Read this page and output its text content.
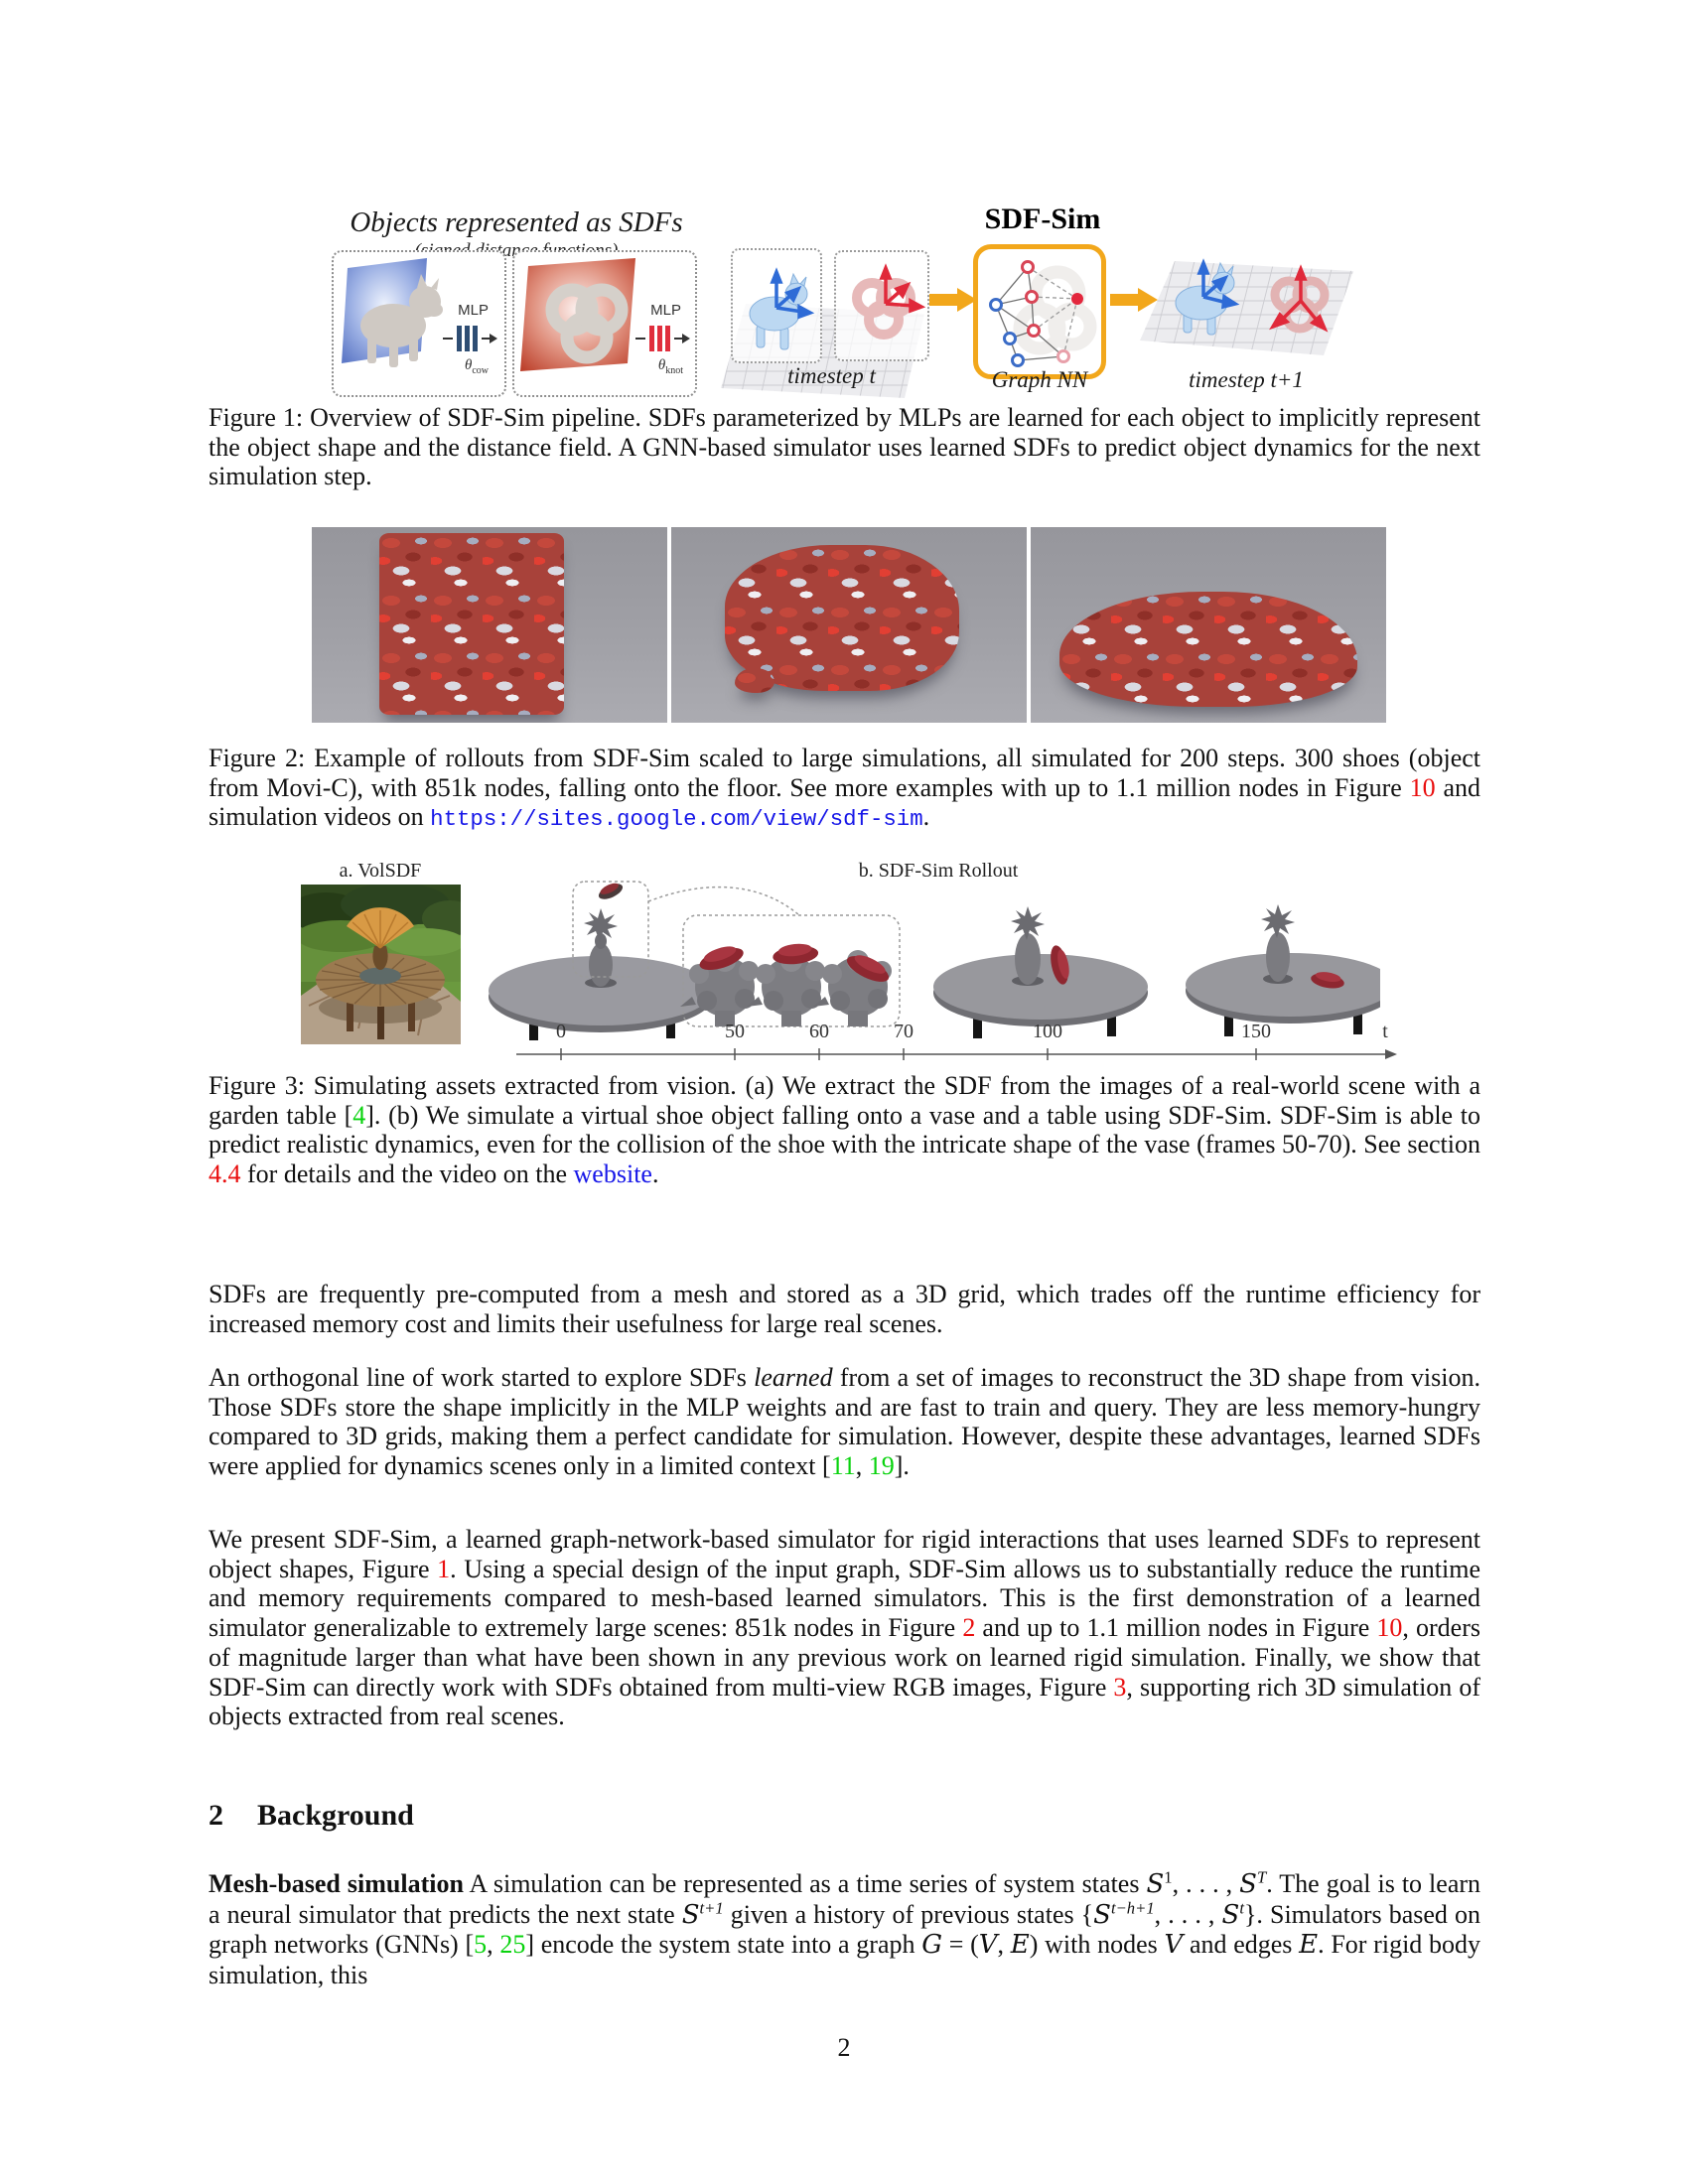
Objects represented as SDFs
distance
MLP
$\theta_{cow}$
MLP
$\theta_{knot}$	timestep t
SDF-Sim
Graph NN	timestep t+1

Figure 1: Overview of SDF-Sim pipeline. SDFs parameterized by MLPs are learned for each object to implicitly represent the object shape and the distance field. A GNN-based simulator uses learned SDFs to predict object dynamics for the next simulation step.

Figure 2: Example of rollouts from SDF-Sim scaled to large simulations, all simulated for 200 steps. 300 shoes (object from Movi-C), with 851k nodes, falling onto the floor. See more examples with up to 1.1 million nodes in Figure 10 and simulation videos on https://sites.google.com/view/sdf-sim.

a. VolSDF	b. SDF-Sim Rollout
0	50	60	70	100	150	t

Figure 3: Simulating assets extracted from vision. (a) We extract the SDF from the images of a real-world scene with a garden table [4]. (b) We simulate a virtual shoe object falling onto a vase and a table using SDF-Sim. SDF-Sim is able to predict realistic dynamics, even for the collision of the shoe with the intricate shape of the vase (frames 50-70). See section 4.4 for details and the video on the website.

SDFs are frequently pre-computed from a mesh and stored as a 3D grid, which trades off the runtime efficiency for increased memory cost and limits their usefulness for large real scenes.

An orthogonal line of work started to explore SDFs learned from a set of images to reconstruct the 3D shape from vision. Those SDFs store the shape implicitly in the MLP weights and are fast to train and query. They are less memory-hungry compared to 3D grids, making them a perfect candidate for simulation. However, despite these advantages, learned SDFs were applied for dynamics scenes only in a limited context [11, 19].

We present SDF-Sim, a learned graph-network-based simulator for rigid interactions that uses learned SDFs to represent object shapes, Figure 1. Using a special design of the input graph, SDF-Sim allows us to substantially reduce the runtime and memory requirements compared to mesh-based learned simulators. This is the first demonstration of a learned simulator generalizable to extremely large scenes: 851k nodes in Figure 2 and up to 1.1 million nodes in Figure 10, orders of magnitude larger than what have been shown in any previous work on learned rigid simulation. Finally, we show that SDF-Sim can directly work with SDFs obtained from multi-view RGB images, Figure 3, supporting rich 3D simulation of objects extracted from real scenes.

2 Background

Mesh-based simulation A simulation can be represented as a time series of system states $S^1$, . . . , $S^T$. The goal is to learn a neural simulator that predicts the next state $S^{t+1}$ given a history of previous states {$S^{t-h+1}$, . . . , $S^t$}. Simulators based on graph networks (GNNs) [5, 25] encode the system state into a graph G = (V, E) with nodes V and edges E. For rigid body simulation, this

2
